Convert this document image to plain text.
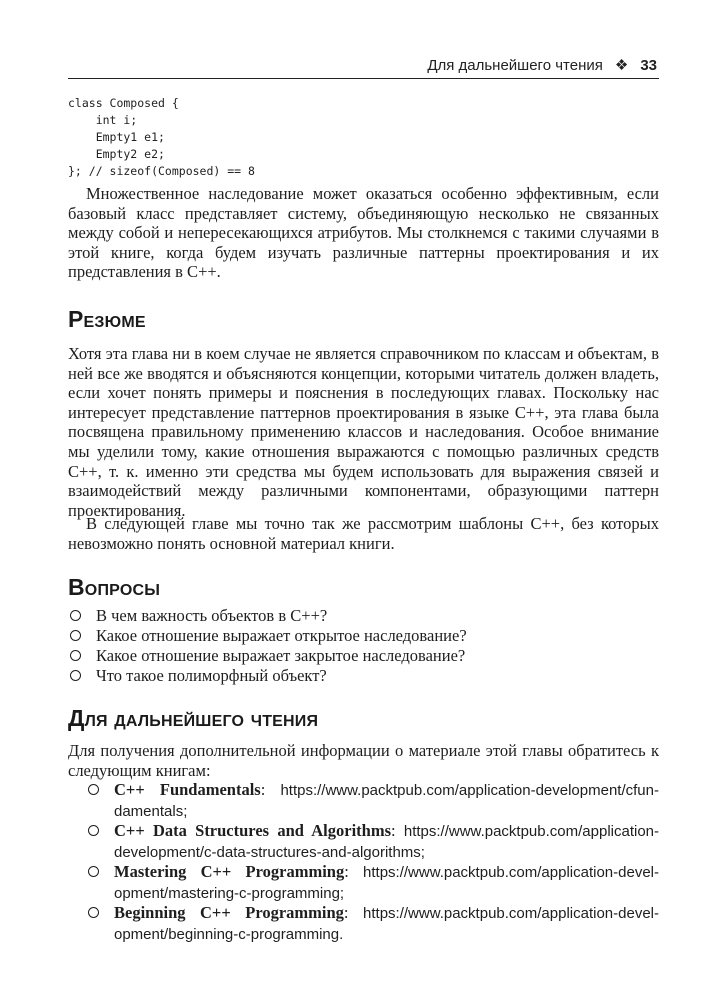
Для дальнейшего чтения ❖ 33
class Composed {
int i;
Empty1 e1;
Empty2 e2;
}; // sizeof(Composed) == 8

Множественное наследование может оказаться особенно эффективным, если базовый класс представляет систему, объединяющую несколько не связанных между собой и непересекающихся атрибутов. Мы столкнемся с такими случаями в этой книге, когда будем изучать различные паттерны проектирования и их представления в C++.

Резюме

Хотя эта глава ни в коем случае не является справочником по классам и объектам, в ней все же вводятся и объясняются концепции, которыми читатель должен владеть, если хочет понять примеры и пояснения в последующих главах. Поскольку нас интересует представление паттернов проектирования в языке C++, эта глава была посвящена правильному применению классов и наследования. Особое внимание мы уделили тому, какие отношения выражаются с помощью различных средств C++, т. к. именно эти средства мы будем использовать для выражения связей и взаимодействий между различными компонентами, образующими паттерн проектирования.

В следующей главе мы точно так же рассмотрим шаблоны C++, без которых невозможно понять основной материал книги.

Вопросы
В чем важность объектов в C++?
Какое отношение выражает открытое наследование?
Какое отношение выражает закрытое наследование?
Что такое полиморфный объект?
Для дальнейшего чтения

Для получения дополнительной информации о материале этой главы обратитесь к следующим книгам:

C++ Fundamentals: https://www.packtpub.com/application-development/cfundamentals;
C++ Data Structures and Algorithms: https://www.packtpub.com/application-development/c-data-structures-and-algorithms;
Mastering C++ Programming: https://www.packtpub.com/application-development/mastering-c-programming;
Beginning C++ Programming: https://www.packtpub.com/application-development/beginning-c-programming.
